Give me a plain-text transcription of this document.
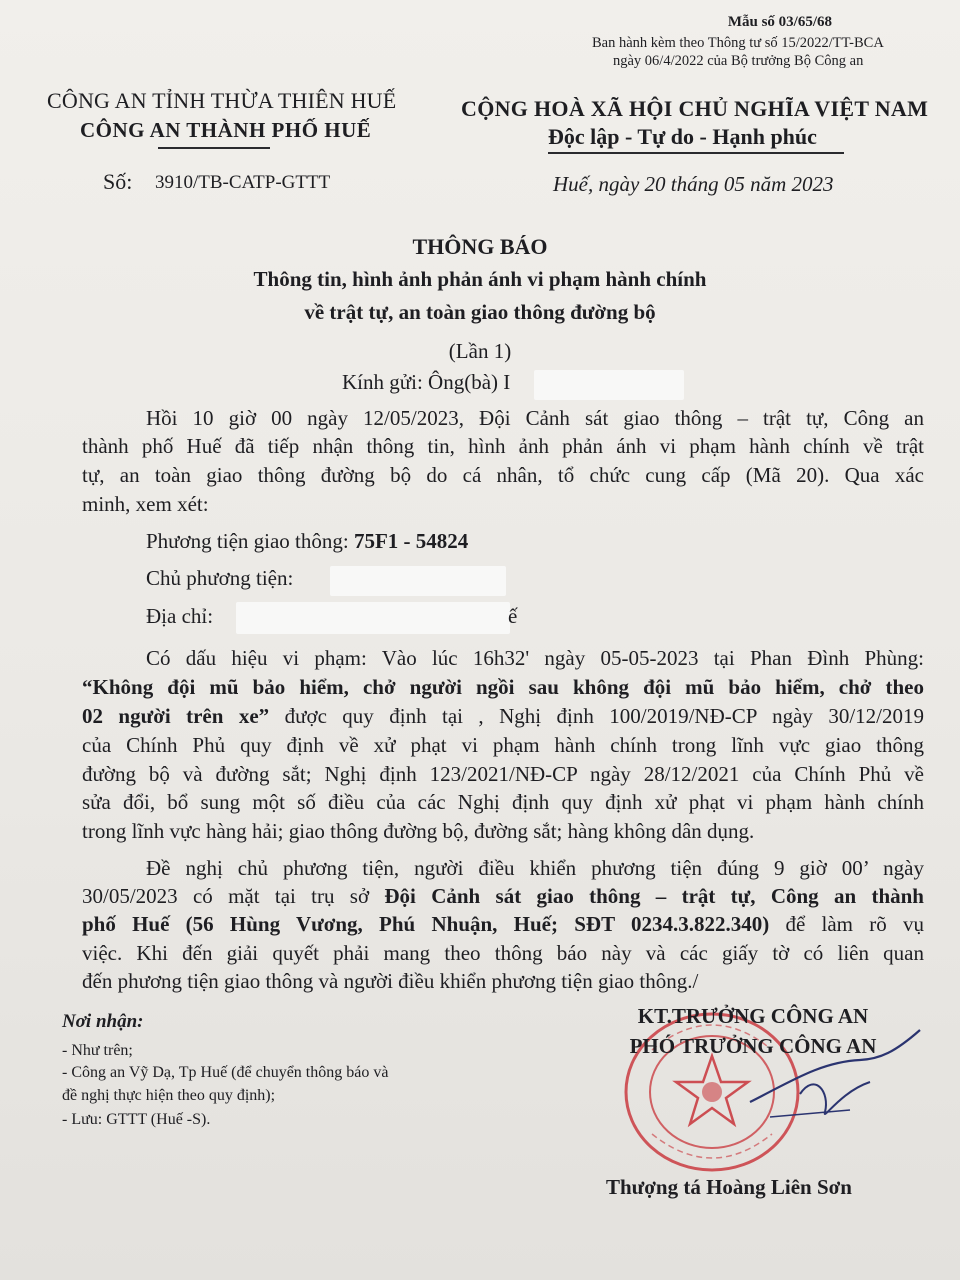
Mẫu số 03/65/68
Ban hành kèm theo Thông tư số 15/2022/TT-BCA
ngày 06/4/2022 của Bộ trưởng Bộ Công an
CÔNG AN TỈNH THỪA THIÊN HUẾ
CÔNG AN THÀNH PHỐ HUẾ
Số: 3910/TB-CATP-GTTT
CỘNG HOÀ XÃ HỘI CHỦ NGHĨA VIỆT NAM
Độc lập - Tự do - Hạnh phúc
Huế, ngày 20 tháng 05 năm 2023
THÔNG BÁO
Thông tin, hình ảnh phản ánh vi phạm hành chính
về trật tự, an toàn giao thông đường bộ
(Lần 1)
Kính gửi: Ông(bà) I
Hồi 10 giờ 00 ngày 12/05/2023, Đội Cảnh sát giao thông – trật tự, Công an
thành phố Huế đã tiếp nhận thông tin, hình ảnh phản ánh vi phạm hành chính về trật
tự, an toàn giao thông đường bộ do cá nhân, tổ chức cung cấp (Mã 20). Qua xác
minh, xem xét:
Phương tiện giao thông: 75F1 - 54824
Chủ phương tiện:
Địa chỉ:	ế
Có dấu hiệu vi phạm: Vào lúc 16h32' ngày 05-05-2023 tại Phan Đình Phùng:
“Không đội mũ bảo hiểm, chở người ngồi sau không đội mũ bảo hiểm, chở theo
02 người trên xe” được quy định tại , Nghị định 100/2019/NĐ-CP ngày 30/12/2019
của Chính Phủ quy định về xử phạt vi phạm hành chính trong lĩnh vực giao thông
đường bộ và đường sắt; Nghị định 123/2021/NĐ-CP ngày 28/12/2021 của Chính Phủ về
sửa đổi, bổ sung một số điều của các Nghị định quy định xử phạt vi phạm hành chính
trong lĩnh vực hàng hải; giao thông đường bộ, đường sắt; hàng không dân dụng.
Đề nghị chủ phương tiện, người điều khiển phương tiện đúng 9 giờ 00’ ngày
30/05/2023 có mặt tại trụ sở Đội Cảnh sát giao thông – trật tự, Công an thành
phố Huế (56 Hùng Vương, Phú Nhuận, Huế; SĐT 0234.3.822.340) để làm rõ vụ
việc. Khi đến giải quyết phải mang theo thông báo này và các giấy tờ có liên quan
đến phương tiện giao thông và người điều khiển phương tiện giao thông./
Nơi nhận:
- Như trên;
- Công an Vỹ Dạ, Tp Huế (để chuyển thông báo và
đề nghị thực hiện theo quy định);
- Lưu: GTTT (Huế -S).
KT.TRƯỞNG CÔNG AN
PHÓ TRƯỞNG CÔNG AN
Thượng tá Hoàng Liên Sơn
